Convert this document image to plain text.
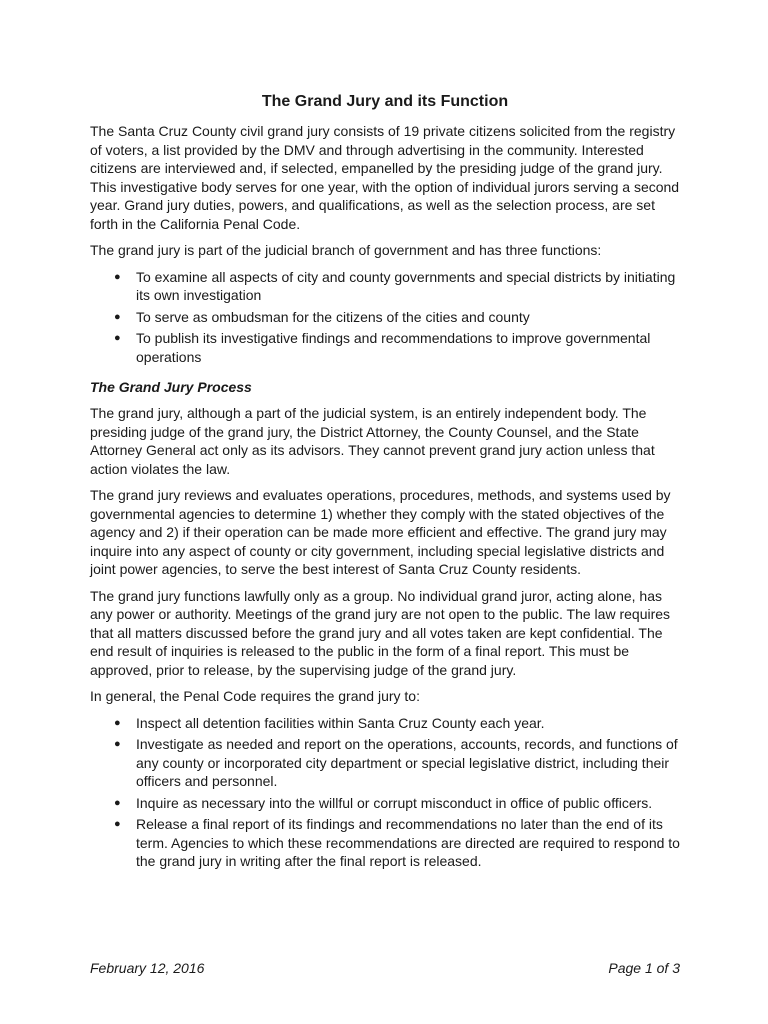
The Grand Jury and its Function

The Santa Cruz County civil grand jury consists of 19 private citizens solicited from the registry of voters, a list provided by the DMV and through advertising in the community. Interested citizens are interviewed and, if selected, empanelled by the presiding judge of the grand jury. This investigative body serves for one year, with the option of individual jurors serving a second year. Grand jury duties, powers, and qualifications, as well as the selection process, are set forth in the California Penal Code.

The grand jury is part of the judicial branch of government and has three functions:

● To examine all aspects of city and county governments and special districts by initiating its own investigation
● To serve as ombudsman for the citizens of the cities and county
● To publish its investigative findings and recommendations to improve governmental operations
The Grand Jury Process

The grand jury, although a part of the judicial system, is an entirely independent body. The presiding judge of the grand jury, the District Attorney, the County Counsel, and the State Attorney General act only as its advisors. They cannot prevent grand jury action unless that action violates the law.

The grand jury reviews and evaluates operations, procedures, methods, and systems used by governmental agencies to determine 1) whether they comply with the stated objectives of the agency and 2) if their operation can be made more efficient and effective. The grand jury may inquire into any aspect of county or city government, including special legislative districts and joint power agencies, to serve the best interest of Santa Cruz County residents.

The grand jury functions lawfully only as a group. No individual grand juror, acting alone, has any power or authority. Meetings of the grand jury are not open to the public. The law requires that all matters discussed before the grand jury and all votes taken are kept confidential. The end result of inquiries is released to the public in the form of a final report. This must be approved, prior to release, by the supervising judge of the grand jury.

In general, the Penal Code requires the grand jury to:

● Inspect all detention facilities within Santa Cruz County each year.
● Investigate as needed and report on the operations, accounts, records, and functions of any county or incorporated city department or special legislative district, including their officers and personnel.
● Inquire as necessary into the willful or corrupt misconduct in office of public officers.
● Release a final report of its findings and recommendations no later than the end of its term. Agencies to which these recommendations are directed are required to respond to the grand jury in writing after the final report is released.
February 12, 2016	Page 1 of 3
